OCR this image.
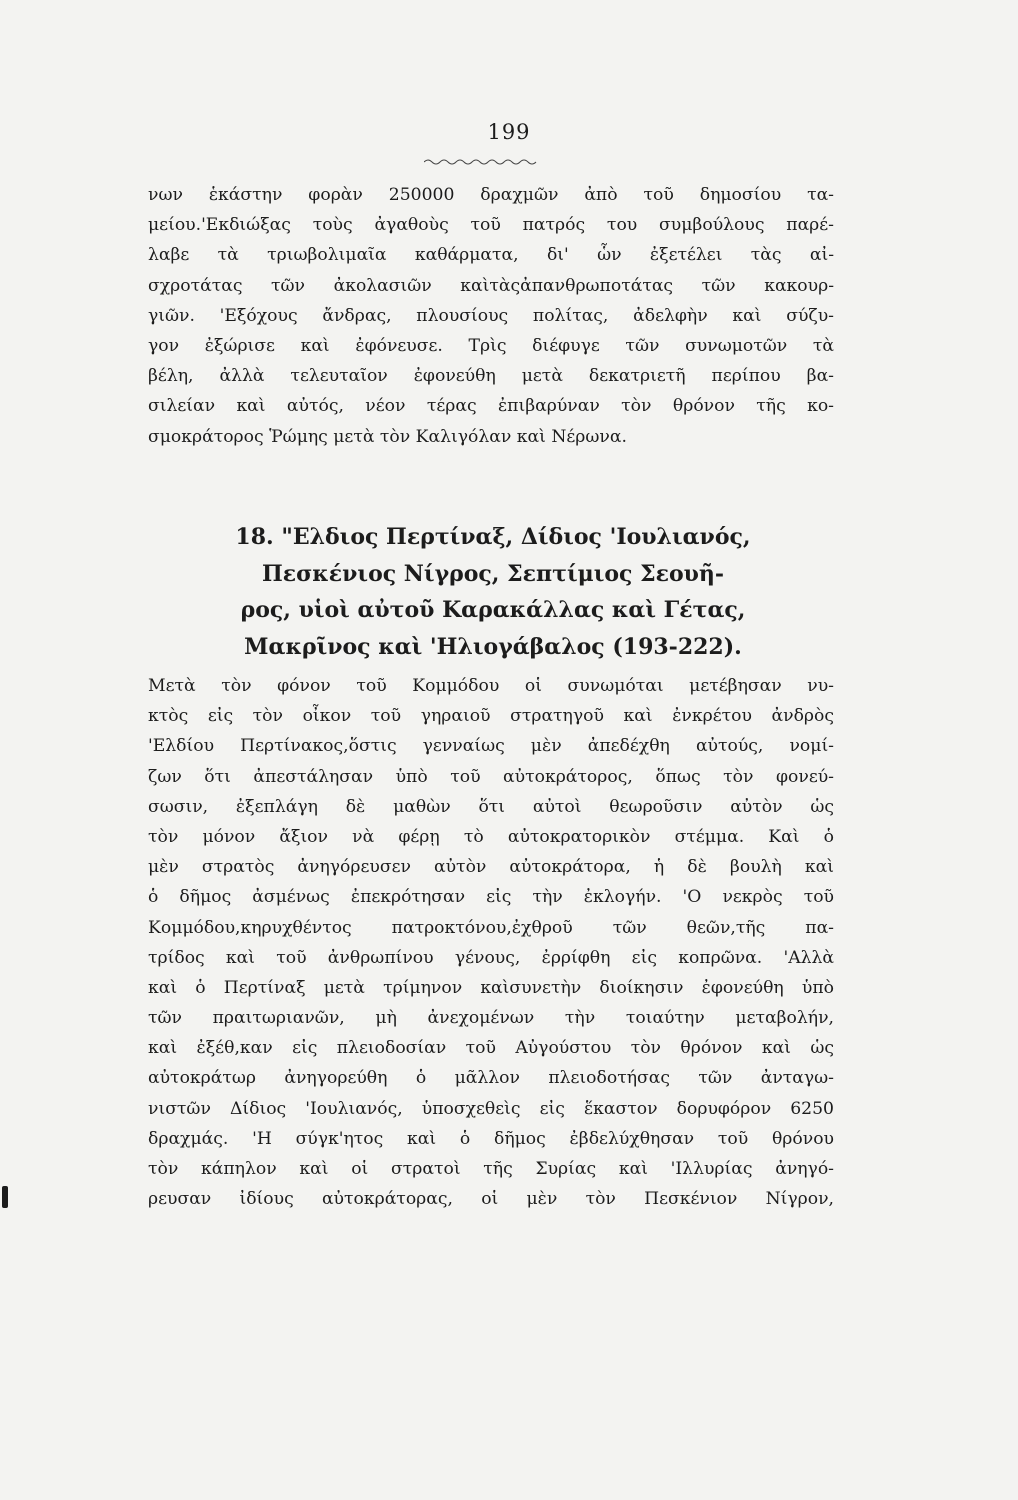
199
νων ἑκάστην φορὰν 250000 δραχμῶν ἀπὸ τοῦ δημοσίου τα-
μείου.'Εκδιώξας τοὺς ἀγαθοὺς τοῦ πατρός του συμβούλους παρέ-
λαβε τὰ τριωβολιμαῖα καθάρματα, δι' ὧν ἐξετέλει τὰς αἰ-
σχροτάτας τῶν ἀκολασιῶν καὶτὰςἀπανθρωποτάτας τῶν κακουρ-
γιῶν. 'Εξόχους ἄνδρας, πλουσίους πολίτας, ἀδελφὴν καὶ σύζυ-
γον ἐξώρισε καὶ ἐφόνευσε. Τρὶς διέφυγε τῶν συνωμοτῶν τὰ
βέλη, ἀλλὰ τελευταῖον ἐφονεύθη μετὰ δεκατριετῆ περίπου βα-
σιλείαν καὶ αὐτός, νέον τέρας ἐπιβαρύναν τὸν θρόνον τῆς κο-
σμοκράτορος Ῥώμης μετὰ τὸν Καλιγόλαν καὶ Νέρωνα.
18. "Ελδιος Περτίναξ, Δίδιος 'Ιουλιανός,
Πεσκένιος Νίγρος, Σεπτίμιος Σεουῆ-
ρος, υἱοὶ αὐτοῦ Καρακάλλας καὶ Γέτας,
Μακρῖνος καὶ 'Ηλιογάβαλος (193-222).
Μετὰ τὸν φόνον τοῦ Κομμόδου οἱ συνωμόται μετέβησαν νυ-
κτὸς εἰς τὸν οἶκον τοῦ γηραιοῦ στρατηγοῦ καὶ ἐνκρέτου ἀνδρὸς
'Ελδίου Περτίνακος,ὅστις γενναίως μὲν ἀπεδέχθη αὐτούς, νομί-
ζων ὅτι ἀπεστάλησαν ὑπὸ τοῦ αὐτοκράτορος, ὅπως τὸν φονεύ-
σωσιν, ἐξεπλάγη δὲ μαθὼν ὅτι αὐτοὶ θεωροῦσιν αὐτὸν ὡς
τὸν μόνον ἄξιον νὰ φέρῃ τὸ αὐτοκρατορικὸν στέμμα. Καὶ ὁ
μὲν στρατὸς ἀνηγόρευσεν αὐτὸν αὐτοκράτορα, ἡ δὲ βουλὴ καὶ
ὁ δῆμος ἀσμένως ἐπεκρότησαν εἰς τὴν ἐκλογήν. 'Ο νεκρὸς τοῦ
Κομμόδου,κηρυχθέντος πατροκτόνου,ἐχθροῦ τῶν θεῶν,τῆς πα-
τρίδος καὶ τοῦ ἀνθρωπίνου γένους, ἐρρίφθη εἰς κοπρῶνα. 'Αλλὰ
καὶ ὁ Περτίναξ μετὰ τρίμηνον καὶσυνετὴν διοίκησιν ἐφονεύθη ὑπὸ
τῶν πραιτωριανῶν, μὴ ἀνεχομένων τὴν τοιαύτην μεταβολήν,
καὶ ἐξέθ,καν εἰς πλειοδοσίαν τοῦ Αὐγούστου τὸν θρόνον καὶ ὡς
αὐτοκράτωρ ἀνηγορεύθη ὁ μᾶλλον πλειοδοτήσας τῶν ἀνταγω-
νιστῶν Δίδιος 'Ιουλιανός, ὑποσχεθεὶς εἰς ἕκαστον δορυφόρον 6250
δραχμάς. 'Η σύγκ'ητος καὶ ὁ δῆμος ἐβδελύχθησαν τοῦ θρόνου
τὸν κάπηλον καὶ οἱ στρατοὶ τῆς Συρίας καὶ 'Ιλλυρίας ἀνηγό-
ρευσαν ἰδίους αὐτοκράτορας, οἱ μὲν τὸν Πεσκένιον Νίγρον,
